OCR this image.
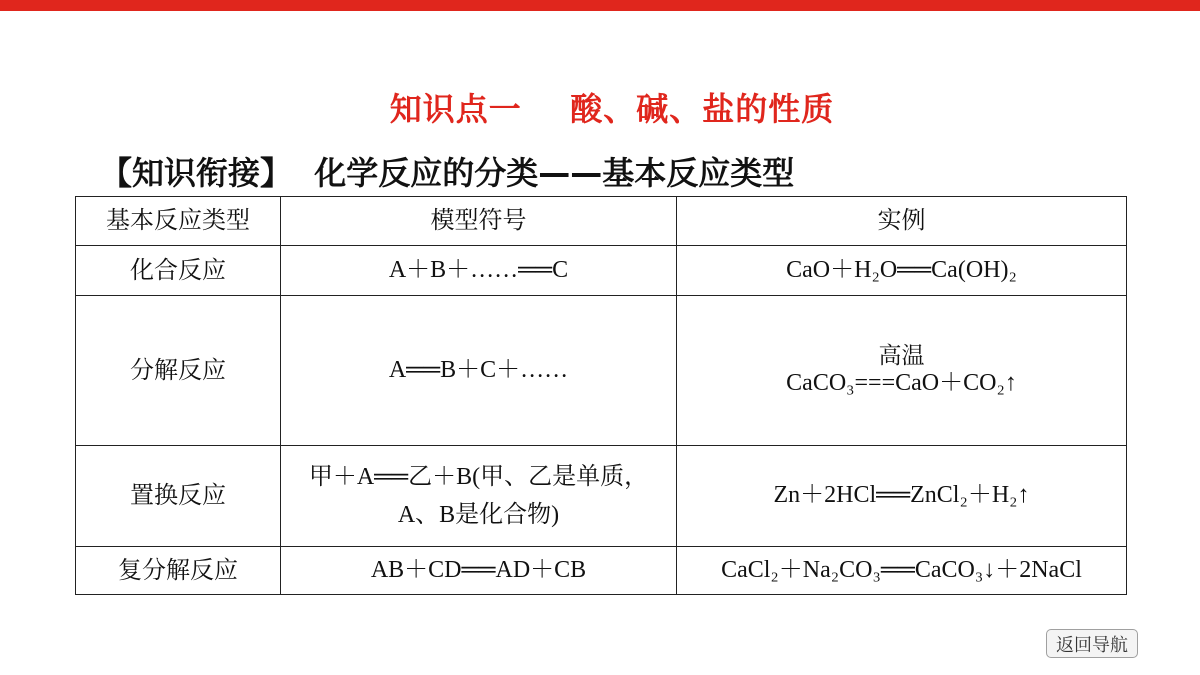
知识点一 酸、碱、盐的性质
【知识衔接】 化学反应的分类——基本反应类型
基本反应类型	模型符号	实例
化合反应	A＋B＋……══C	CaO＋H₂O══Ca(OH)₂
分解反应	A══B＋C＋……	高温
CaCO₃===CaO＋CO₂↑
置换反应	甲＋A══乙＋B(甲、乙是单质，
A、B是化合物)	Zn＋2HCl══ZnCl₂＋H₂↑
复分解反应	AB＋CD══AD＋CB	CaCl₂＋Na₂CO₃══CaCO₃↓＋2NaCl
返回导航
